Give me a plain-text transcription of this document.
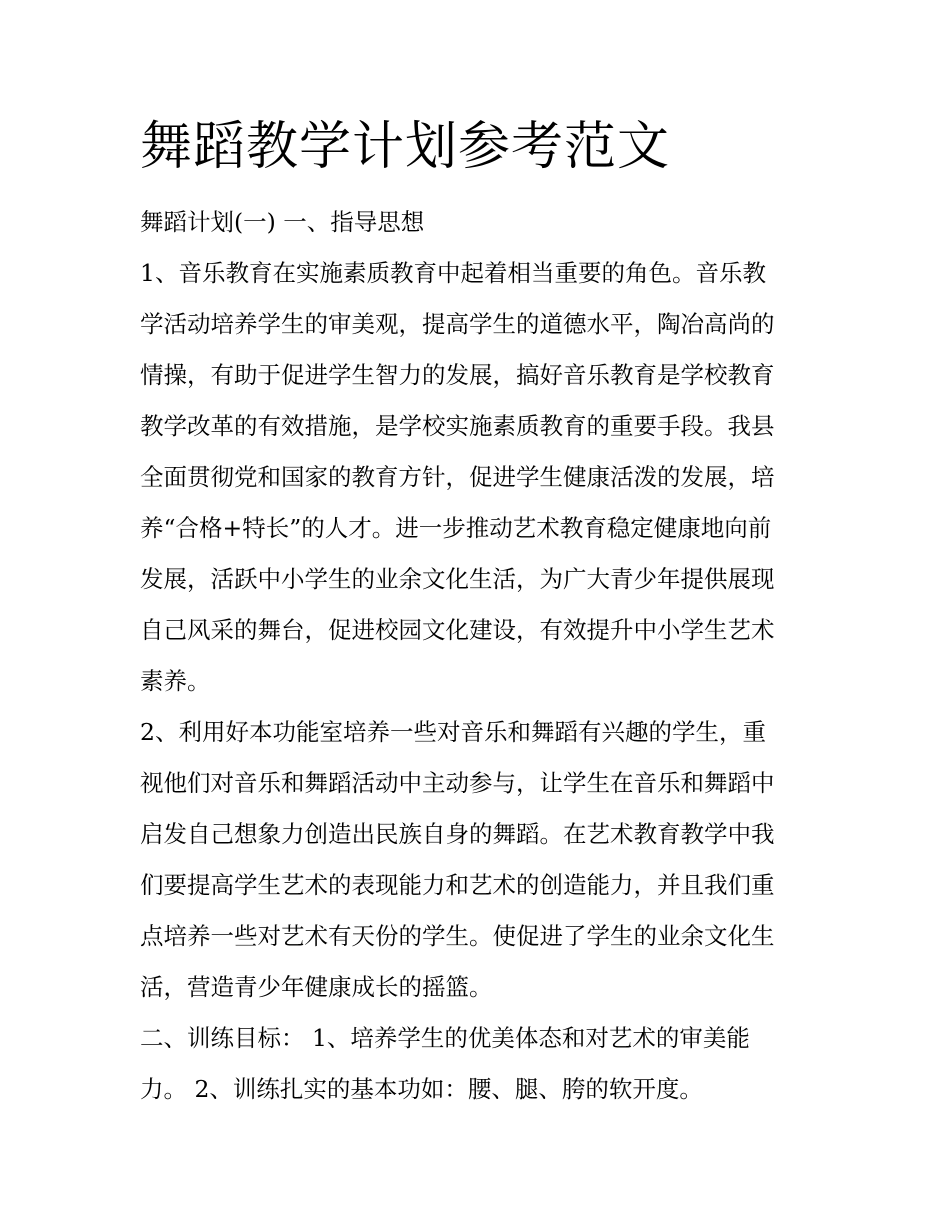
舞蹈教学计划参考范文

舞蹈计划(一) 一、指导思想

1、音乐教育在实施素质教育中起着相当重要的角色。音乐教

学活动培养学生的审美观，提高学生的道德水平，陶冶高尚的

情操，有助于促进学生智力的发展，搞好音乐教育是学校教育

教学改革的有效措施，是学校实施素质教育的重要手段。我县

全面贯彻党和国家的教育方针，促进学生健康活泼的发展，培

养“合格+特长”的人才。进一步推动艺术教育稳定健康地向前

发展，活跃中小学生的业余文化生活，为广大青少年提供展现

自己风采的舞台，促进校园文化建设，有效提升中小学生艺术

素养。

2、利用好本功能室培养一些对音乐和舞蹈有兴趣的学生，重

视他们对音乐和舞蹈活动中主动参与，让学生在音乐和舞蹈中

启发自己想象力创造出民族自身的舞蹈。在艺术教育教学中我

们要提高学生艺术的表现能力和艺术的创造能力，并且我们重

点培养一些对艺术有天份的学生。使促进了学生的业余文化生

活，营造青少年健康成长的摇篮。

二、训练目标： 1、培养学生的优美体态和对艺术的审美能

力。 2、训练扎实的基本功如：腰、腿、胯的软开度。
